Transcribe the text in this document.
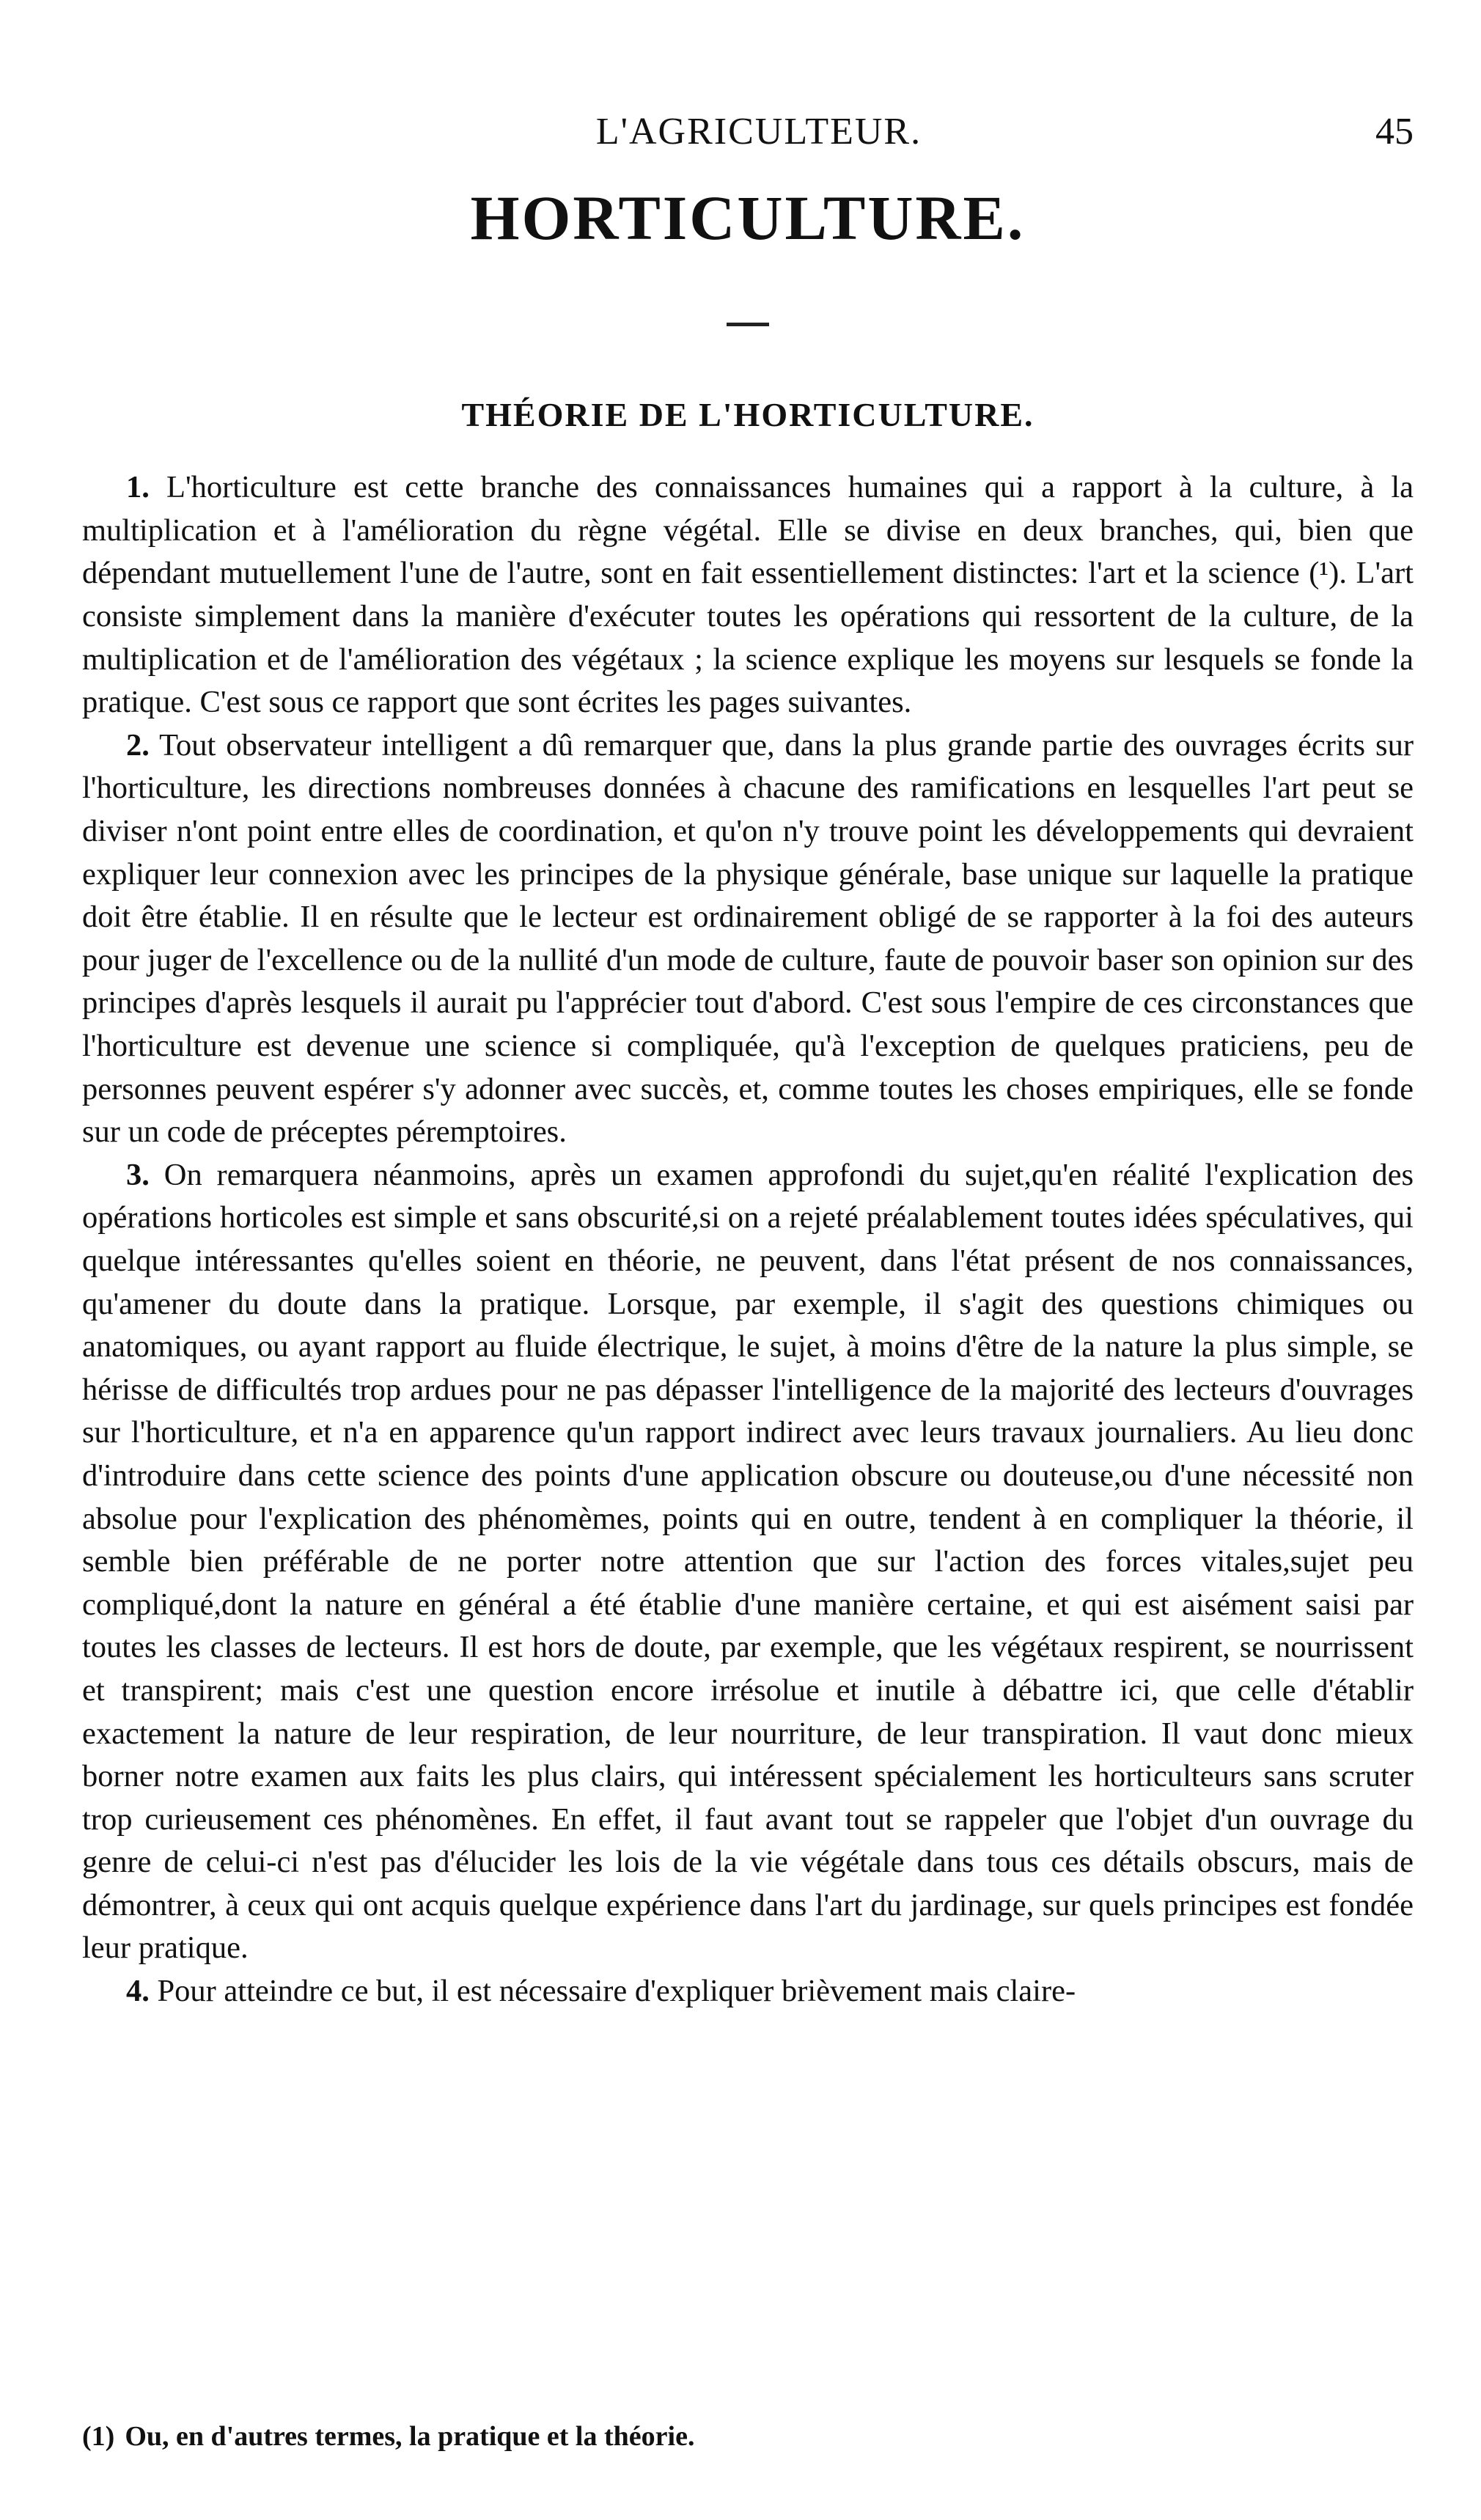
L'AGRICULTEUR.	45
HORTICULTURE.
THÉORIE DE L'HORTICULTURE.

1. L'horticulture est cette branche des connaissances humaines qui a rapport à la culture, à la multiplication et à l'amélioration du règne végétal. Elle se divise en deux branches, qui, bien que dépendant mutuellement l'une de l'autre, sont en fait essentiellement distinctes: l'art et la science (¹). L'art consiste simplement dans la manière d'exécuter toutes les opérations qui ressortent de la culture, de la multiplication et de l'amélioration des végétaux ; la science explique les moyens sur lesquels se fonde la pratique. C'est sous ce rapport que sont écrites les pages suivantes.

2. Tout observateur intelligent a dû remarquer que, dans la plus grande partie des ouvrages écrits sur l'horticulture, les directions nombreuses données à chacune des ramifications en lesquelles l'art peut se diviser n'ont point entre elles de coordination, et qu'on n'y trouve point les développements qui devraient expliquer leur connexion avec les principes de la physique générale, base unique sur laquelle la pratique doit être établie. Il en résulte que le lecteur est ordinairement obligé de se rapporter à la foi des auteurs pour juger de l'excellence ou de la nullité d'un mode de culture, faute de pouvoir baser son opinion sur des principes d'après lesquels il aurait pu l'apprécier tout d'abord. C'est sous l'empire de ces circonstances que l'horticulture est devenue une science si compliquée, qu'à l'exception de quelques praticiens, peu de personnes peuvent espérer s'y adonner avec succès, et, comme toutes les choses empiriques, elle se fonde sur un code de préceptes péremptoires.

3. On remarquera néanmoins, après un examen approfondi du sujet,qu'en réalité l'explication des opérations horticoles est simple et sans obscurité,si on a rejeté préalablement toutes idées spéculatives, qui quelque intéressantes qu'elles soient en théorie, ne peuvent, dans l'état présent de nos connaissances, qu'amener du doute dans la pratique. Lorsque, par exemple, il s'agit des questions chimiques ou anatomiques, ou ayant rapport au fluide électrique, le sujet, à moins d'être de la nature la plus simple, se hérisse de difficultés trop ardues pour ne pas dépasser l'intelligence de la majorité des lecteurs d'ouvrages sur l'horticulture, et n'a en apparence qu'un rapport indirect avec leurs travaux journaliers. Au lieu donc d'introduire dans cette science des points d'une application obscure ou douteuse,ou d'une nécessité non absolue pour l'explication des phénomèmes, points qui en outre, tendent à en compliquer la théorie, il semble bien préférable de ne porter notre attention que sur l'action des forces vitales,sujet peu compliqué,dont la nature en général a été établie d'une manière certaine, et qui est aisément saisi par toutes les classes de lecteurs. Il est hors de doute, par exemple, que les végétaux respirent, se nourrissent et transpirent; mais c'est une question encore irrésolue et inutile à débattre ici, que celle d'établir exactement la nature de leur respiration, de leur nourriture, de leur transpiration. Il vaut donc mieux borner notre examen aux faits les plus clairs, qui intéressent spécialement les horticulteurs sans scruter trop curieusement ces phénomènes. En effet, il faut avant tout se rappeler que l'objet d'un ouvrage du genre de celui-ci n'est pas d'élucider les lois de la vie végétale dans tous ces détails obscurs, mais de démontrer, à ceux qui ont acquis quelque expérience dans l'art du jardinage, sur quels principes est fondée leur pratique.

4. Pour atteindre ce but, il est nécessaire d'expliquer brièvement mais claire-

(1) Ou, en d'autres termes, la pratique et la théorie.
